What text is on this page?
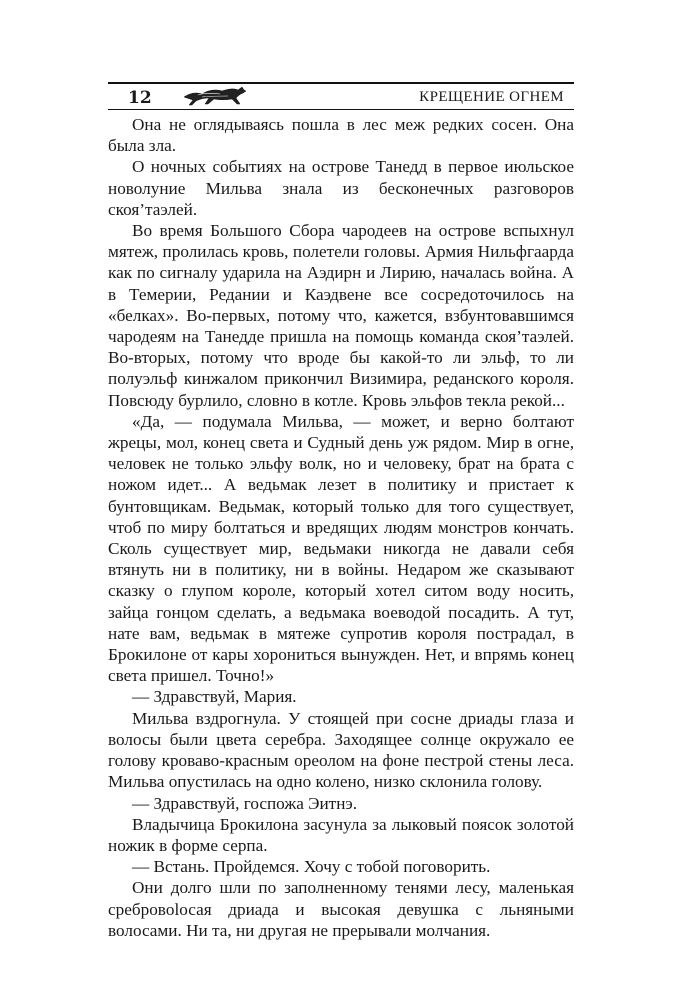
12	КРЕЩЕНИЕ ОГНЕМ

Она не оглядываясь пошла в лес меж редких сосен. Она была зла.

О ночных событиях на острове Танедд в первое июльское новолуние Мильва знала из бесконечных разговоров скоя’таэлей.

Во время Большого Сбора чародеев на острове вспыхнул мятеж, пролилась кровь, полетели головы. Армия Нильфгаарда как по сигналу ударила на Аэдирн и Лирию, началась война. А в Темерии, Редании и Каэдвене все сосредоточилось на «белках». Во-первых, потому что, кажется, взбунтовавшимся чародеям на Танедде пришла на помощь команда скоя’таэлей. Во-вторых, потому что вроде бы какой-то ли эльф, то ли полуэльф кинжалом прикончил Визимира, реданского короля. Повсюду бурлило, словно в котле. Кровь эльфов текла рекой...

«Да, — подумала Мильва, — может, и верно болтают жрецы, мол, конец света и Судный день уж рядом. Мир в огне, человек не только эльфу волк, но и человеку, брат на брата с ножом идет... А ведьмак лезет в политику и пристает к бунтовщикам. Ведьмак, который только для того существует, чтоб по миру болтаться и вредящих людям монстров кончать. Сколь существует мир, ведьмаки никогда не давали себя втянуть ни в политику, ни в войны. Недаром же сказывают сказку о глупом короле, который хотел ситом воду носить, зайца гонцом сделать, а ведьмака воеводой посадить. А тут, нате вам, ведьмак в мятеже супротив короля пострадал, в Брокилоне от кары хорониться вынужден. Нет, и впрямь конец света пришел. Точно!»

— Здравствуй, Мария.

Мильва вздрогнула. У стоящей при сосне дриады глаза и волосы были цвета серебра. Заходящее солнце окружало ее голову кроваво-красным ореолом на фоне пестрой стены леса. Мильва опустилась на одно колено, низко склонила голову.

— Здравствуй, госпожа Эитнэ.

Владычица Брокилона засунула за лыковый поясок золотой ножик в форме серпа.

— Встань. Пройдемся. Хочу с тобой поговорить.

Они долго шли по заполненному тенями лесу, маленькая сребровolосая дриада и высокая девушка с льняными волосами. Ни та, ни другая не прерывали молчания.
